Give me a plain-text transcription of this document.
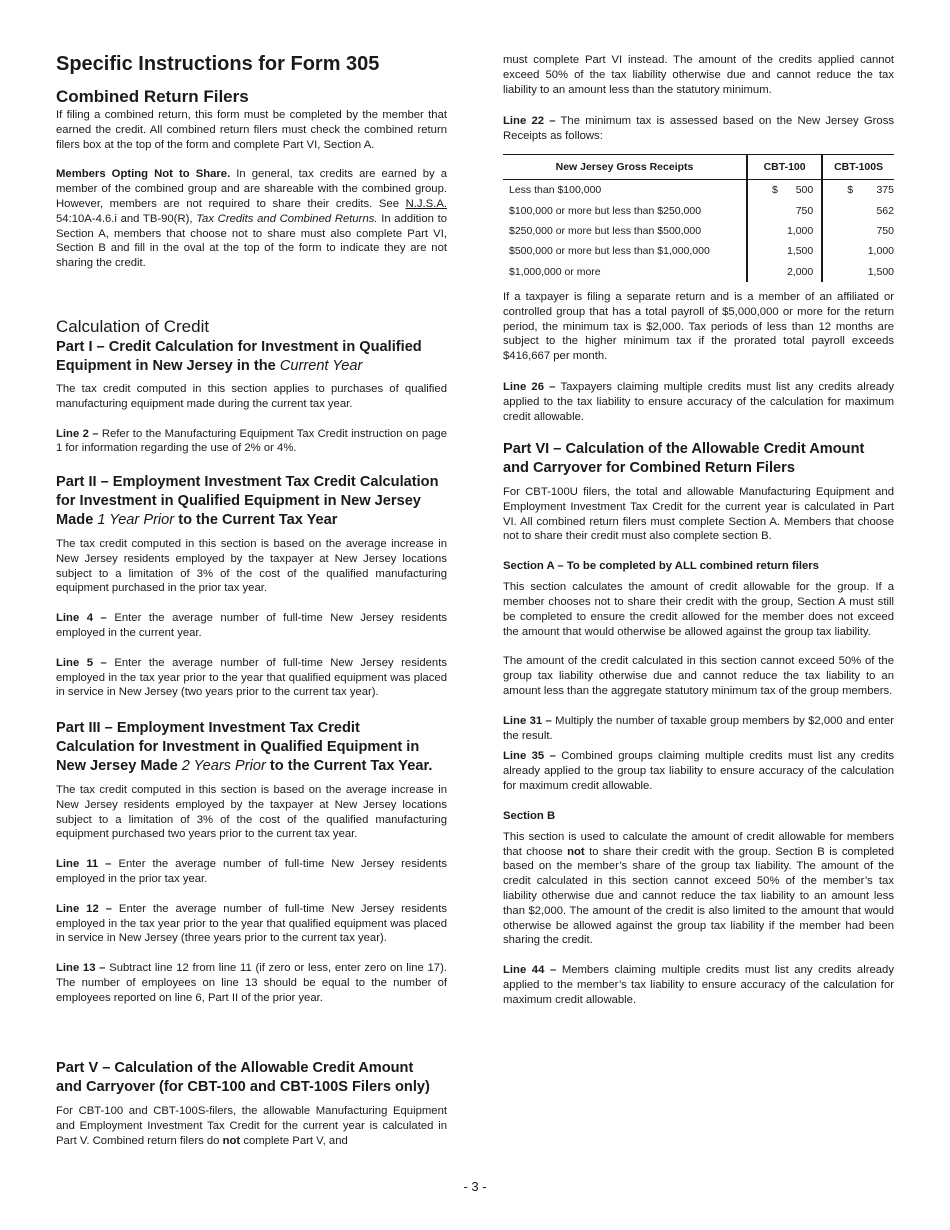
Specific Instructions for Form 305
Combined Return Filers

If filing a combined return, this form must be completed by the member that earned the credit. All combined return filers must check the combined return filers box at the top of the form and complete Part VI, Section A.

Members Opting Not to Share. In general, tax credits are earned by a member of the combined group and are shareable with the combined group. However, members are not required to share their credits. See N.J.S.A. 54:10A-4.6.i and TB-90(R), Tax Credits and Combined Returns. In addition to Section A, members that choose not to share must also complete Part VI, Section B and fill in the oval at the top of the form to indicate they are not sharing the credit.

Calculation of Credit
Part I – Credit Calculation for Investment in Qualified Equipment in New Jersey in the Current Year

The tax credit computed in this section applies to purchases of qualified manufacturing equipment made during the current tax year.

Line 2 – Refer to the Manufacturing Equipment Tax Credit instruction on page 1 for information regarding the use of 2% or 4%.

Part II – Employment Investment Tax Credit Calculation for Investment in Qualified Equipment in New Jersey Made 1 Year Prior to the Current Tax Year

The tax credit computed in this section is based on the average increase in New Jersey residents employed by the taxpayer at New Jersey locations subject to a limitation of 3% of the cost of the qualified manufacturing equipment purchased in the prior tax year.

Line 4 – Enter the average number of full-time New Jersey residents employed in the current year.

Line 5 – Enter the average number of full-time New Jersey residents employed in the tax year prior to the year that qualified equipment was placed in service in New Jersey (two years prior to the current tax year).

Part III – Employment Investment Tax Credit Calculation for Investment in Qualified Equipment in New Jersey Made 2 Years Prior to the Current Tax Year.

The tax credit computed in this section is based on the average increase in New Jersey residents employed by the taxpayer at New Jersey locations subject to a limitation of 3% of the cost of the qualified manufacturing equipment purchased two years prior to the current tax year.

Line 11 – Enter the average number of full-time New Jersey residents employed in the prior tax year.

Line 12 – Enter the average number of full-time New Jersey residents employed in the tax year prior to the year that qualified equipment was placed in service in New Jersey (three years prior to the current tax year).

Line 13 – Subtract line 12 from line 11 (if zero or less, enter zero on line 17). The number of employees on line 13 should be equal to the number of employees reported on line 6, Part II of the prior year.

Part V – Calculation of the Allowable Credit Amount and Carryover (for CBT-100 and CBT-100S Filers only)

For CBT-100 and CBT-100S-filers, the allowable Manufacturing Equipment and Employment Investment Tax Credit for the current year is calculated in Part V. Combined return filers do not complete Part V, and

must complete Part VI instead. The amount of the credits applied cannot exceed 50% of the tax liability otherwise due and cannot reduce the tax liability to an amount less than the statutory minimum.

Line 22 – The minimum tax is assessed based on the New Jersey Gross Receipts as follows:

New Jersey Gross Receipts	CBT-100		CBT-100S	
Less than $100,000	$	500	$	375
$100,000 or more but less than $250,000		750		562
$250,000 or more but less than $500,000		1,000		750
$500,000 or more but less than $1,000,000		1,500		1,000
$1,000,000 or more		2,000		1,500

If a taxpayer is filing a separate return and is a member of an affiliated or controlled group that has a total payroll of $5,000,000 or more for the return period, the minimum tax is $2,000. Tax periods of less than 12 months are subject to the higher minimum tax if the prorated total payroll exceeds $416,667 per month.

Line 26 – Taxpayers claiming multiple credits must list any credits already applied to the tax liability to ensure accuracy of the calculation for maximum credit allowable.

Part VI – Calculation of the Allowable Credit Amount and Carryover for Combined Return Filers

For CBT-100U filers, the total and allowable Manufacturing Equipment and Employment Investment Tax Credit for the current year is calculated in Part VI. All combined return filers must complete Section A. Members that choose not to share their credit must also complete section B.

Section A – To be completed by ALL combined return filers

This section calculates the amount of credit allowable for the group. If a member chooses not to share their credit with the group, Section A must still be completed to ensure the credit allowed for the member does not exceed the amount that would otherwise be allowed against the group tax liability.

The amount of the credit calculated in this section cannot exceed 50% of the group tax liability otherwise due and cannot reduce the tax liability to an amount less than the aggregate statutory minimum tax of the group members.

Line 31 – Multiply the number of taxable group members by $2,000 and enter the result.

Line 35 – Combined groups claiming multiple credits must list any credits already applied to the group tax liability to ensure accuracy of the calculation for maximum credit allowable.

Section B

This section is used to calculate the amount of credit allowable for members that choose not to share their credit with the group. Section B is completed based on the member’s share of the group tax liability. The amount of the credit calculated in this section cannot exceed 50% of the member’s tax liability otherwise due and cannot reduce the tax liability to an amount less than $2,000. The amount of the credit is also limited to the amount that would otherwise be allowed against the group tax liability if the member had been sharing the credit.

Line 44 – Members claiming multiple credits must list any credits already applied to the member’s tax liability to ensure accuracy of the calculation for maximum credit allowable.

- 3 -
